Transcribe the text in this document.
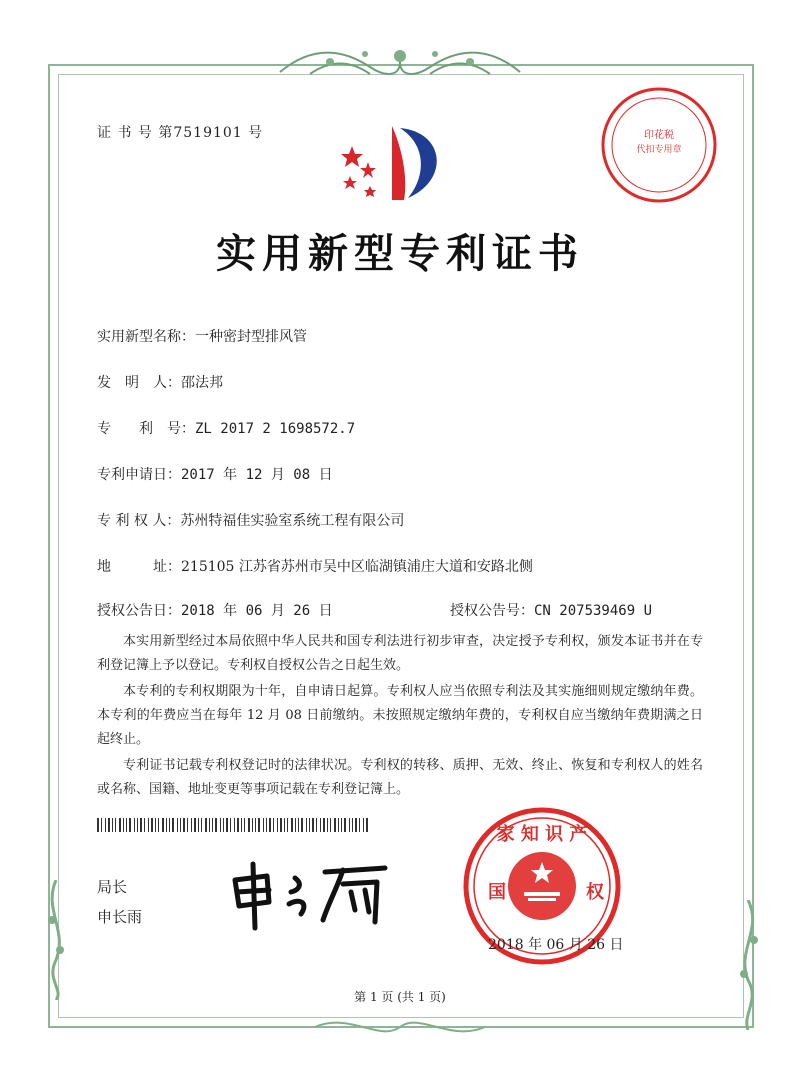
证 书 号 第7519101 号	印花税
代扣专用章
实用新型专利证书
实用新型名称：一种密封型排风管
发　明　人：邵法邦
专　　利　号：ZL 2017 2 1698572.7
专利申请日：2017 年 12 月 08 日
专 利 权 人：苏州特福佳实验室系统工程有限公司
地　　　址：215105 江苏省苏州市吴中区临湖镇浦庄大道和安路北侧
授权公告日：2018 年 06 月 26 日	授权公告号：CN 207539469 U
本实用新型经过本局依照中华人民共和国专利法进行初步审查，决定授予专利权，颁发本证书并在专利登记簿上予以登记。专利权自授权公告之日起生效。
本专利的专利权期限为十年，自申请日起算。专利权人应当依照专利法及其实施细则规定缴纳年费。本专利的年费应当在每年 12 月 08 日前缴纳。未按照规定缴纳年费的，专利权自应当缴纳年费期满之日起终止。
专利证书记载专利权登记时的法律状况。专利权的转移、质押、无效、终止、恢复和专利权人的姓名或名称、国籍、地址变更等事项记载在专利登记簿上。
局长
申长雨
家 知 识 产
国	权
2018 年 06 月 26 日
第 1 页 (共 1 页)
